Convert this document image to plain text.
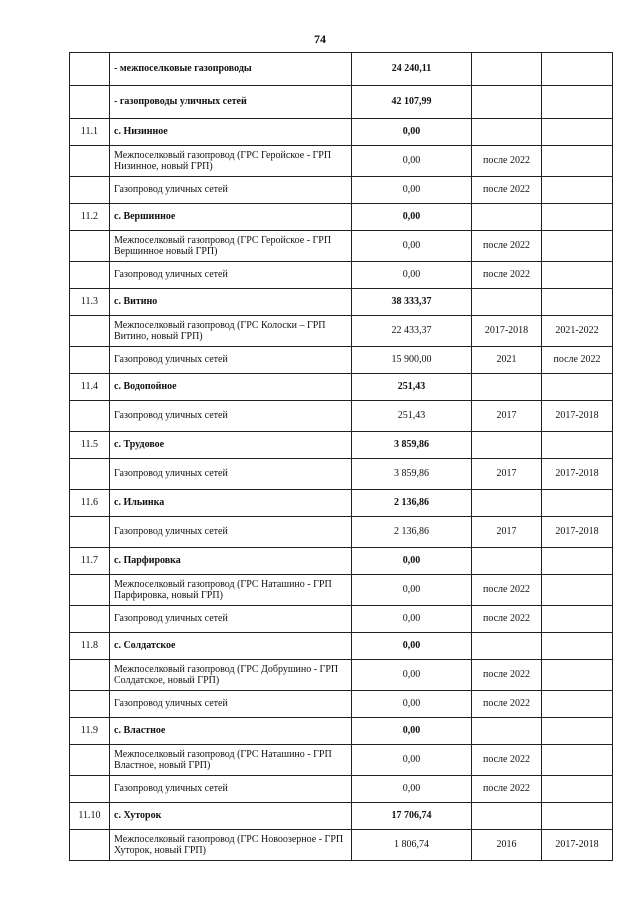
74
	- межпоселковые газопроводы	24 240,11		
	- газопроводы уличных сетей	42 107,99		
11.1	с. Низинное	0,00		
	Межпоселковый газопровод (ГРС Геройское - ГРП Низинное, новый ГРП)	0,00	после 2022	
	Газопровод уличных сетей	0,00	после 2022	
11.2	с. Вершинное	0,00		
	Межпоселковый газопровод (ГРС Геройское - ГРП Вершинное новый ГРП)	0,00	после 2022	
	Газопровод уличных сетей	0,00	после 2022	
11.3	с. Витино	38 333,37		
	Межпоселковый газопровод (ГРС Колоски – ГРП Витино, новый ГРП)	22 433,37	2017-2018	2021-2022
	Газопровод уличных сетей	15 900,00	2021	после 2022
11.4	с. Водопойное	251,43		
	Газопровод уличных сетей	251,43	2017	2017-2018
11.5	с. Трудовое	3 859,86		
	Газопровод уличных сетей	3 859,86	2017	2017-2018
11.6	с. Ильинка	2 136,86		
	Газопровод уличных сетей	2 136,86	2017	2017-2018
11.7	с. Парфировка	0,00		
	Межпоселковый газопровод (ГРС Наташино - ГРП Парфировка, новый ГРП)	0,00	после 2022	
	Газопровод уличных сетей	0,00	после 2022	
11.8	с. Солдатское	0,00		
	Межпоселковый газопровод (ГРС Добрушино - ГРП Солдатское, новый ГРП)	0,00	после 2022	
	Газопровод уличных сетей	0,00	после 2022	
11.9	с. Властное	0,00		
	Межпоселковый газопровод (ГРС Наташино - ГРП Властное, новый ГРП)	0,00	после 2022	
	Газопровод уличных сетей	0,00	после 2022	
11.10	с. Хуторок	17 706,74		
	Межпоселковый газопровод (ГРС Новоозерное - ГРП Хуторок, новый ГРП)	1 806,74	2016	2017-2018
